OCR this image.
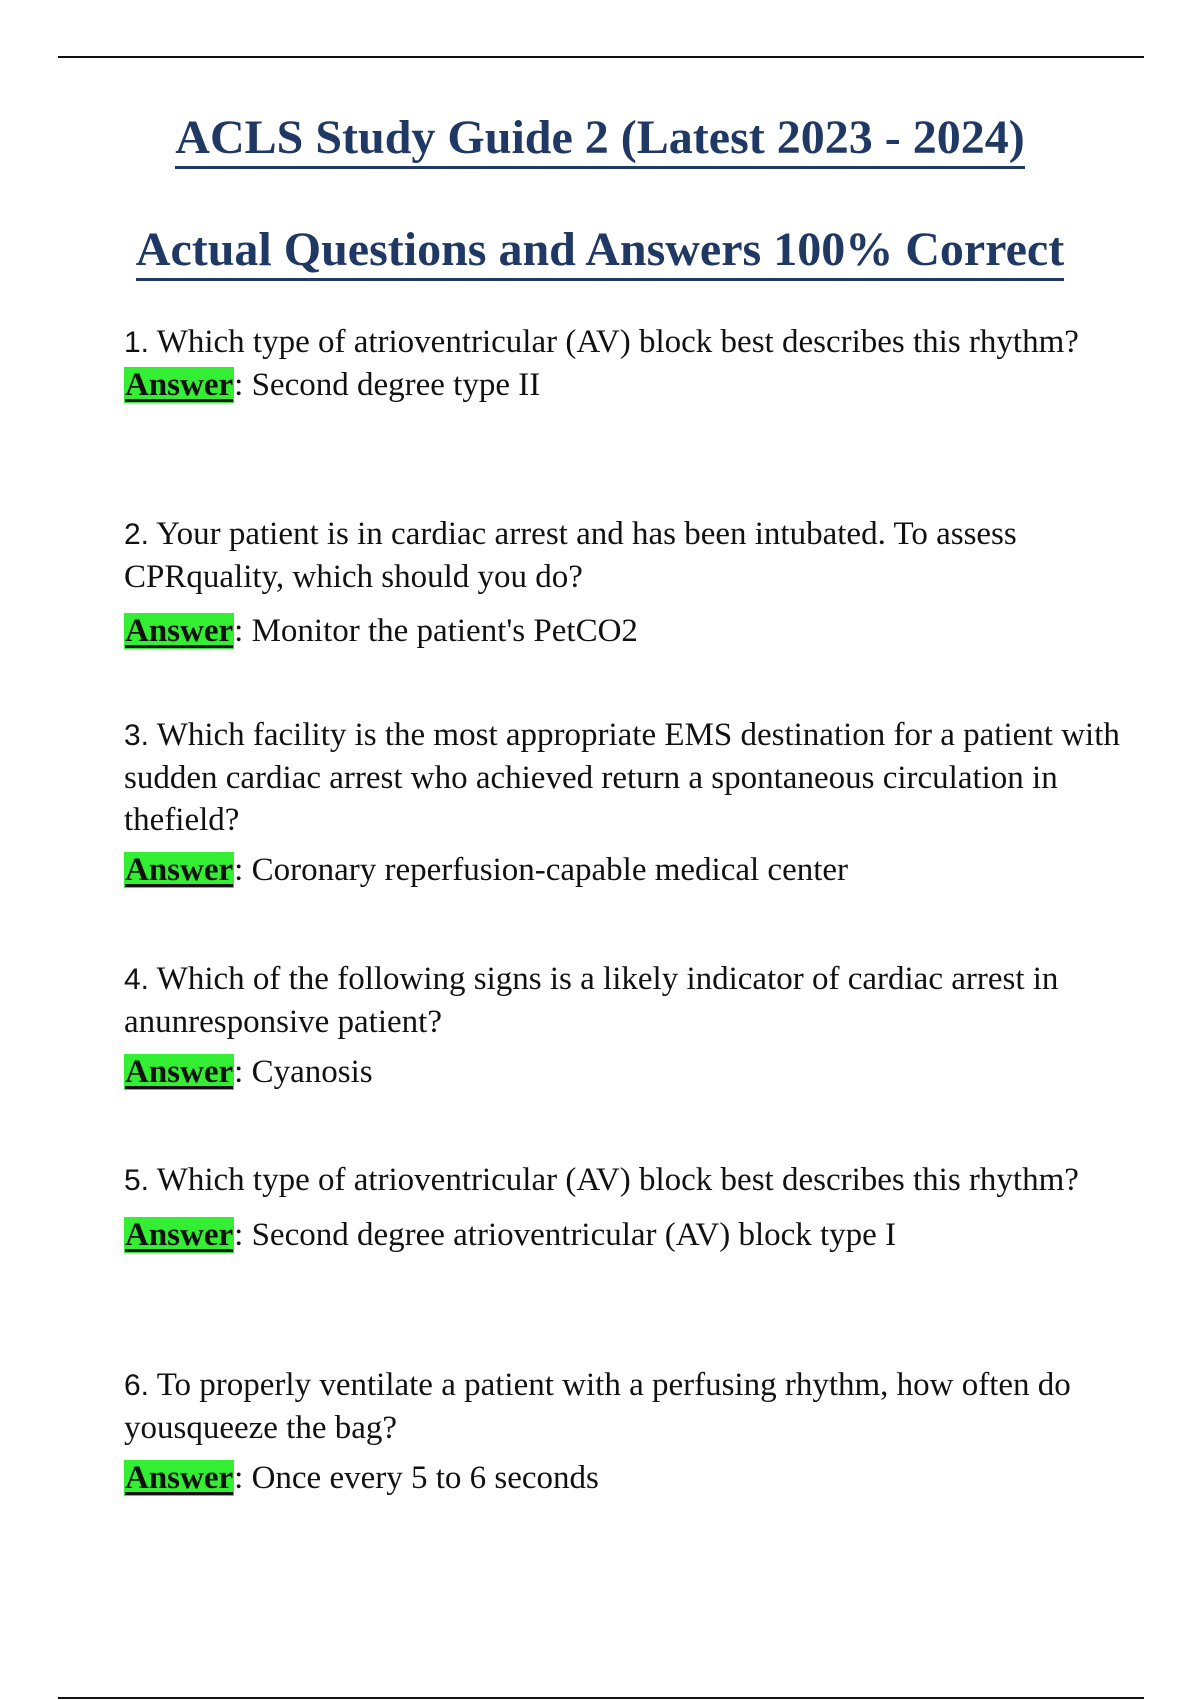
ACLS Study Guide 2 (Latest 2023 - 2024)
Actual Questions and Answers 100% Correct

1. Which type of atrioventricular (AV) block best describes this rhythm?

Answer: Second degree type II

2. Your patient is in cardiac arrest and has been intubated. To assess CPRquality, which should you do?

Answer: Monitor the patient's PetCO2

3. Which facility is the most appropriate EMS destination for a patient with sudden cardiac arrest who achieved return a spontaneous circulation in thefield?

Answer: Coronary reperfusion-capable medical center

4. Which of the following signs is a likely indicator of cardiac arrest in anunresponsive patient?

Answer: Cyanosis

5. Which type of atrioventricular (AV) block best describes this rhythm?

Answer: Second degree atrioventricular (AV) block type I

6. To properly ventilate a patient with a perfusing rhythm, how often do yousqueeze the bag?

Answer: Once every 5 to 6 seconds
